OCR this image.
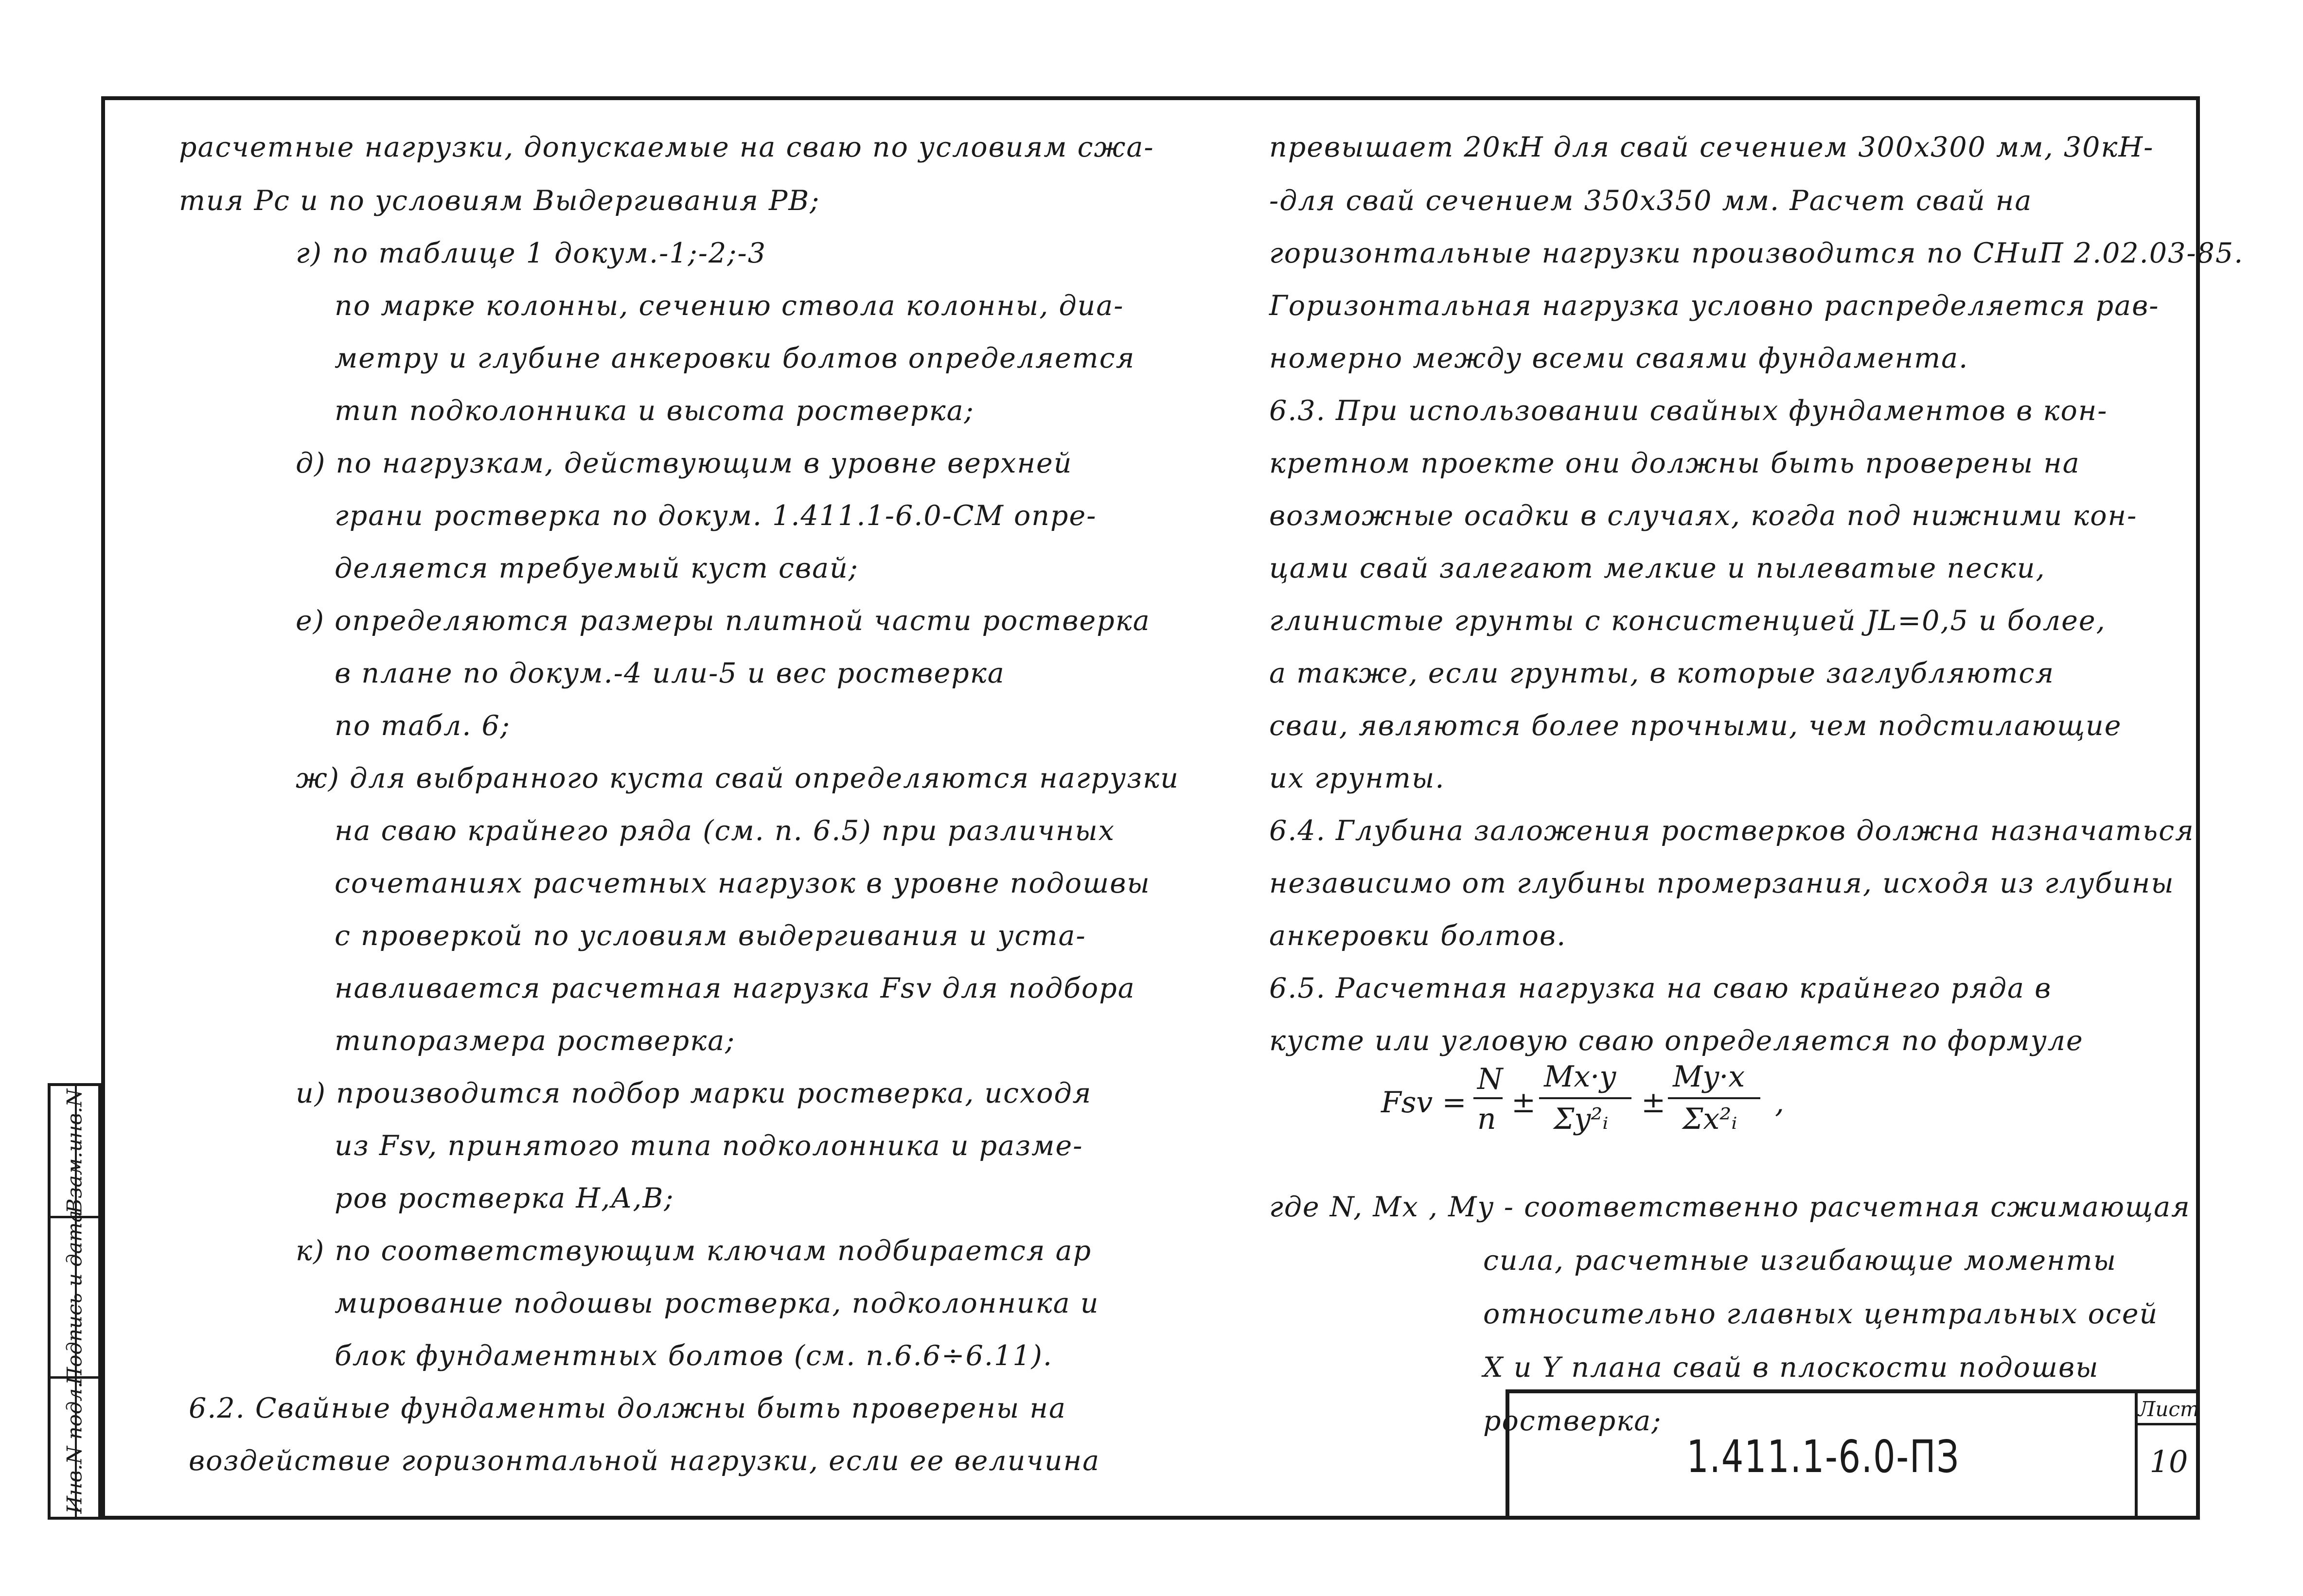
расчетные нагрузки, допускаемые на сваю по условиям сжа-
тия Pc и по условиям Выдергивания PB;
г) по таблице 1 докум.-1;-2;-3
по марке колонны, сечению ствола колонны, диа-
метру и глубине анкеровки болтов определяется
тип подколонника и высота ростверка;
д) по нагрузкам, действующим в уровне верхней
грани ростверка по докум. 1.411.1-6.0-СМ опре-
деляется требуемый куст свай;
е) определяются размеры плитной части ростверка
в плане по докум.-4 или-5 и вес ростверка
по табл. 6;
ж) для выбранного куста свай определяются нагрузки
на сваю крайнего ряда (см. п. 6.5) при различных
сочетаниях расчетных нагрузок в уровне подошвы
с проверкой по условиям выдергивания и уста-
навливается расчетная нагрузка Fsv для подбора
типоразмера ростверка;
и) производится подбор марки ростверка, исходя
из Fsv, принятого типа подколонника и разме-
ров ростверка Н,А,В;
к) по соответствующим ключам подбирается ар
мирование подошвы ростверка, подколонника и
блок фундаментных болтов (см. п.6.6÷6.11).
6.2. Свайные фундаменты должны быть проверены на
воздействие горизонтальной нагрузки, если ее величина
превышает 20кН для свай сечением 300х300 мм, 30кН-
-для свай сечением 350х350 мм. Расчет свай на
горизонтальные нагрузки производится по СНиП 2.02.03-85.
Горизонтальная нагрузка условно распределяется рав-
номерно между всеми сваями фундамента.
6.3. При использовании свайных фундаментов в кон-
кретном проекте они должны быть проверены на
возможные осадки в случаях, когда под нижними кон-
цами свай залегают мелкие и пылеватые пески,
глинистые грунты с консистенцией JL=0,5 и более,
а также, если грунты, в которые заглубляются
сваи, являются более прочными, чем подстилающие
их грунты.
6.4. Глубина заложения ростверков должна назначаться
независимо от глубины промерзания, исходя из глубины
анкеровки болтов.
6.5. Расчетная нагрузка на сваю крайнего ряда в
кусте или угловую сваю определяется по формуле
где N, Mx , My - соответственно расчетная сжимающая
сила, расчетные изгибающие моменты
относительно главных центральных осей
X и Y плана свай в плоскости подошвы
ростверка;
Fsv =
N
n ±
Mx·y
Σy²ᵢ ±
My·x
Σx²ᵢ ,
Взам.инв.N
Подпись и дата
Инв.N подл.	1.411.1-6.0-ПЗ
Лист
10
